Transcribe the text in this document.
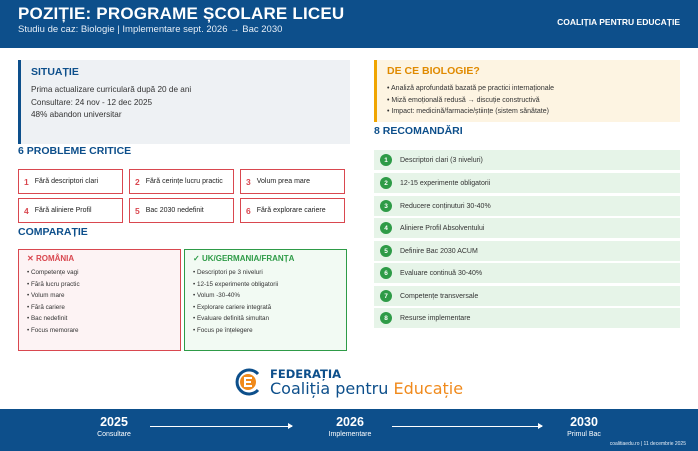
POZIȚIE: PROGRAME ȘCOLARE LICEU
Studiu de caz: Biologie | Implementare sept. 2026 → Bac 2030
COALIȚIA PENTRU EDUCAȚIE
SITUAȚIE
Prima actualizare curriculară după 20 de ani
Consultare: 24 nov - 12 dec 2025
48% abandon universitar
DE CE BIOLOGIE?
• Analiză aprofundată bazată pe practici internaționale
• Miză emoțională redusă → discuție constructivă
• Impact: medicină/farmacie/științe (sistem sănătate)
6 PROBLEME CRITICE
1 Fără descriptori clari	2 Fără cerințe lucru practic	3 Volum prea mare
4 Fără aliniere Profil	5 Bac 2030 nedefinit	6 Fără explorare cariere
COMPARAȚIE
✕ ROMÂNIA
• Competențe vagi
• Fără lucru practic
• Volum mare
• Fără cariere
• Bac nedefinit
• Focus memorare
✓ UK/GERMANIA/FRANȚA
• Descriptori pe 3 niveluri
• 12-15 experimente obligatorii
• Volum -30-40%
• Explorare cariere integrată
• Evaluare definită simultan
• Focus pe înțelegere
8 RECOMANDĂRI
1	Descriptori clari (3 niveluri)
2	12-15 experimente obligatorii
3	Reducere conținuturi 30-40%
4	Aliniere Profil Absolventului
5	Definire Bac 2030 ACUM
6	Evaluare continuă 30-40%
7	Competențe transversale
8	Resurse implementare
FEDERAȚIA
Coaliția pentru Educație
2025
Consultare
2026
Implementare
2030
Primul Bac
coalitiaedu.ro | 11 decembrie 2025
